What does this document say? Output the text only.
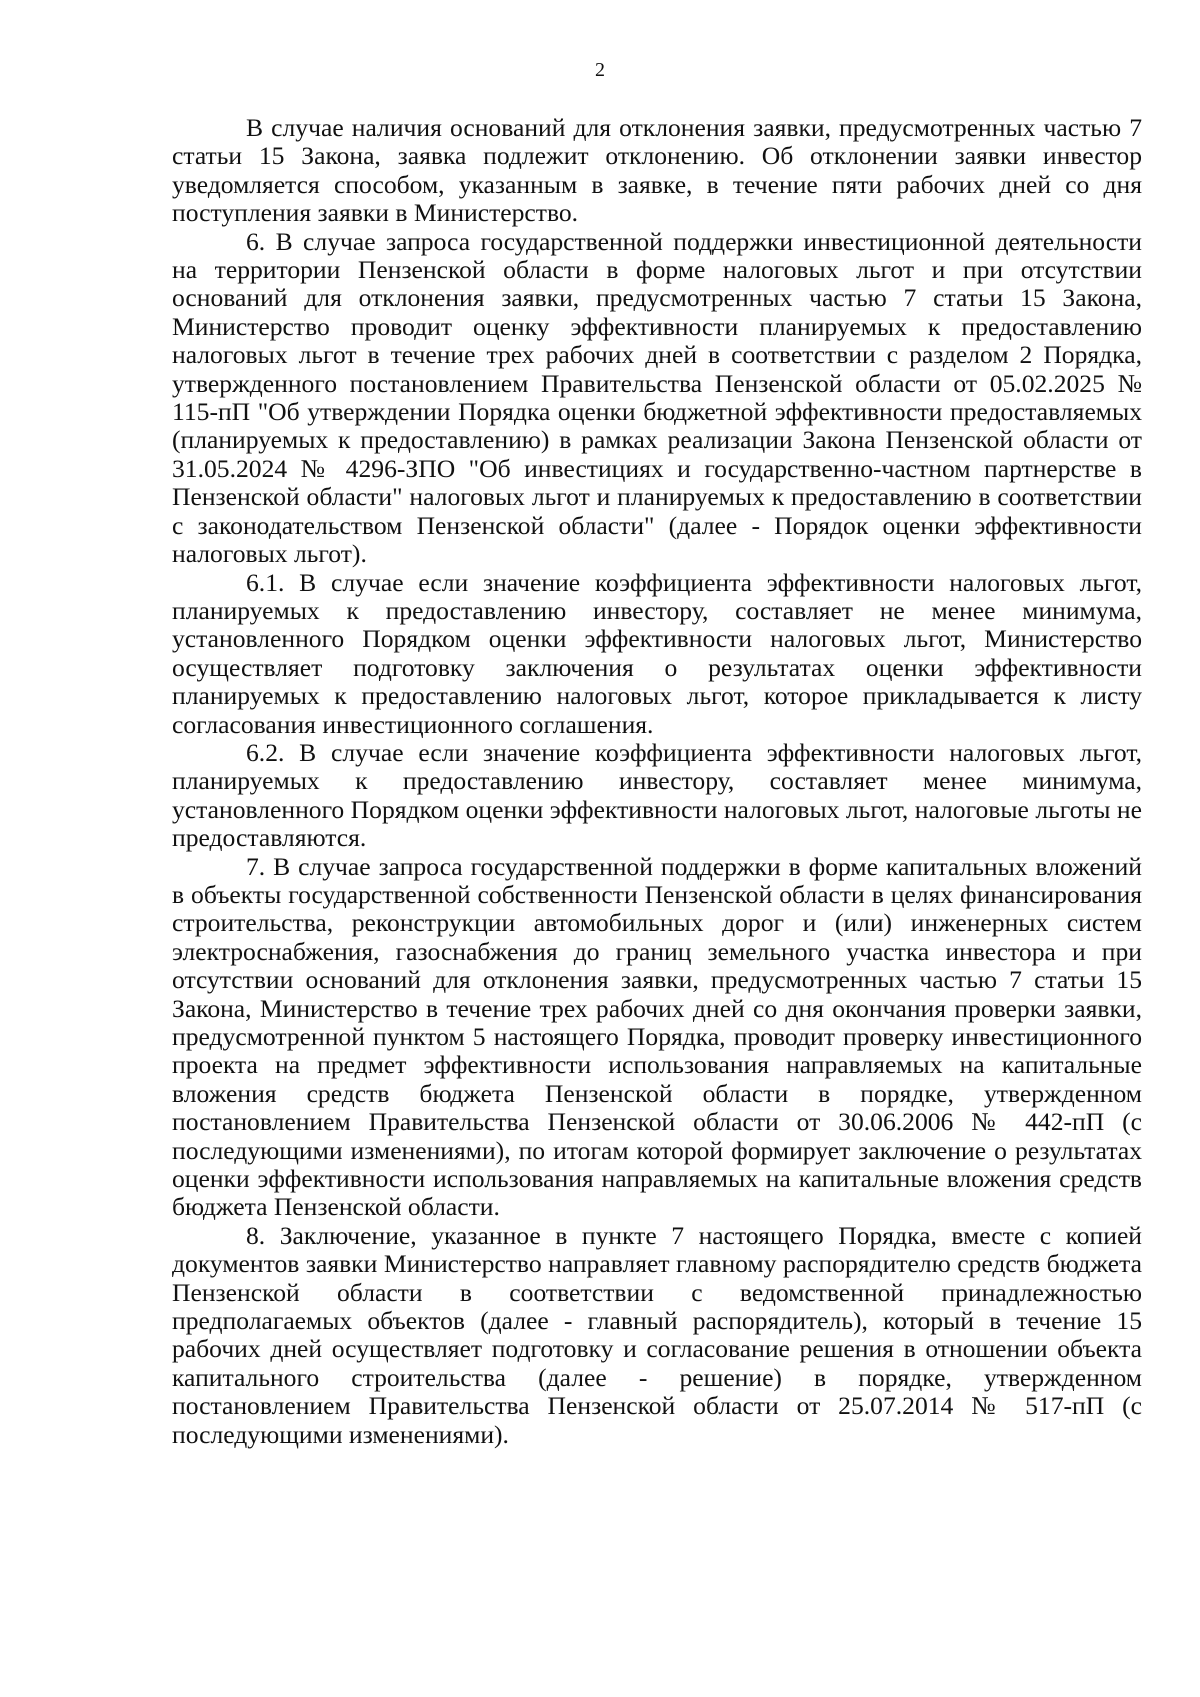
2

В случае наличия оснований для отклонения заявки, предусмотренных частью 7 статьи 15 Закона, заявка подлежит отклонению. Об отклонении заявки инвестор уведомляется способом, указанным в заявке, в течение пяти рабочих дней со дня поступления заявки в Министерство.

6. В случае запроса государственной поддержки инвестиционной деятельности на территории Пензенской области в форме налоговых льгот и при отсутствии оснований для отклонения заявки, предусмотренных частью 7 статьи 15 Закона, Министерство проводит оценку эффективности планируемых к предоставлению налоговых льгот в течение трех рабочих дней в соответствии с разделом 2 Порядка, утвержденного постановлением Правительства Пензенской области от 05.02.2025 № 115-пП "Об утверждении Порядка оценки бюджетной эффективности предоставляемых (планируемых к предоставлению) в рамках реализации Закона Пензенской области от 31.05.2024 № 4296-ЗПО "Об инвестициях и государственно-частном партнерстве в Пензенской области" налоговых льгот и планируемых к предоставлению в соответствии с законодательством Пензенской области" (далее - Порядок оценки эффективности налоговых льгот).

6.1. В случае если значение коэффициента эффективности налоговых льгот, планируемых к предоставлению инвестору, составляет не менее минимума, установленного Порядком оценки эффективности налоговых льгот, Министерство осуществляет подготовку заключения о результатах оценки эффективности планируемых к предоставлению налоговых льгот, которое прикладывается к листу согласования инвестиционного соглашения.

6.2. В случае если значение коэффициента эффективности налоговых льгот, планируемых к предоставлению инвестору, составляет менее минимума, установленного Порядком оценки эффективности налоговых льгот, налоговые льготы не предоставляются.

7. В случае запроса государственной поддержки в форме капитальных вложений в объекты государственной собственности Пензенской области в целях финансирования строительства, реконструкции автомобильных дорог и (или) инженерных систем электроснабжения, газоснабжения до границ земельного участка инвестора и при отсутствии оснований для отклонения заявки, предусмотренных частью 7 статьи 15 Закона, Министерство в течение трех рабочих дней со дня окончания проверки заявки, предусмотренной пунктом 5 настоящего Порядка, проводит проверку инвестиционного проекта на предмет эффективности использования направляемых на капитальные вложения средств бюджета Пензенской области в порядке, утвержденном постановлением Правительства Пензенской области от 30.06.2006 № 442-пП (с последующими изменениями), по итогам которой формирует заключение о результатах оценки эффективности использования направляемых на капитальные вложения средств бюджета Пензенской области.

8. Заключение, указанное в пункте 7 настоящего Порядка, вместе с копией документов заявки Министерство направляет главному распорядителю средств бюджета Пензенской области в соответствии с ведомственной принадлежностью предполагаемых объектов (далее - главный распорядитель), который в течение 15 рабочих дней осуществляет подготовку и согласование решения в отношении объекта капитального строительства (далее - решение) в порядке, утвержденном постановлением Правительства Пензенской области от 25.07.2014 № 517-пП (с последующими изменениями).
